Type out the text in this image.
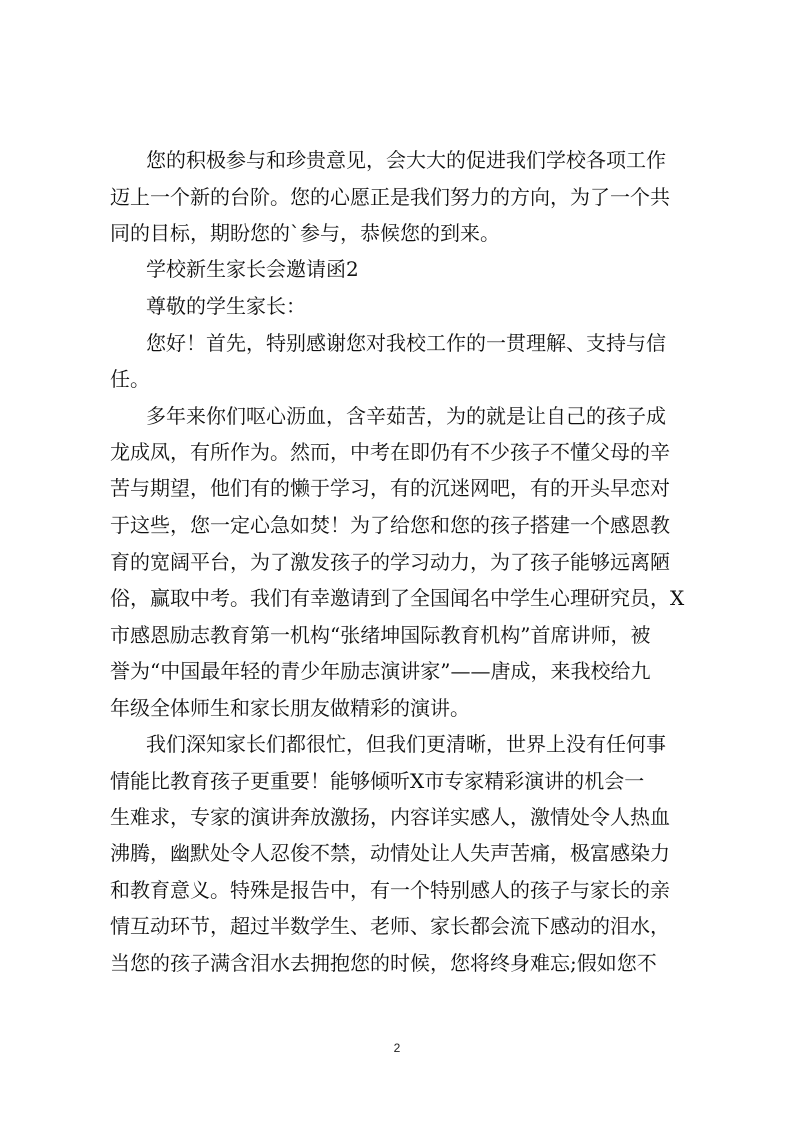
您的积极参与和珍贵意见，会大大的促进我们学校各项工作
迈上一个新的台阶。您的心愿正是我们努力的方向，为了一个共
同的目标，期盼您的`参与，恭候您的到来。
学校新生家长会邀请函2
尊敬的学生家长：
您好！首先，特别感谢您对我校工作的一贯理解、支持与信
任。
多年来你们呕心沥血，含辛茹苦，为的就是让自己的孩子成
龙成凤，有所作为。然而，中考在即仍有不少孩子不懂父母的辛
苦与期望，他们有的懒于学习，有的沉迷网吧，有的开头早恋对
于这些，您一定心急如焚！为了给您和您的孩子搭建一个感恩教
育的宽阔平台，为了激发孩子的学习动力，为了孩子能够远离陋
俗，赢取中考。我们有幸邀请到了全国闻名中学生心理研究员，X
市感恩励志教育第一机构“张绪坤国际教育机构”首席讲师，被
誉为“中国最年轻的青少年励志演讲家”——唐成，来我校给九
年级全体师生和家长朋友做精彩的演讲。
我们深知家长们都很忙，但我们更清晰，世界上没有任何事
情能比教育孩子更重要！能够倾听X市专家精彩演讲的机会一
生难求，专家的演讲奔放激扬，内容详实感人，激情处令人热血
沸腾，幽默处令人忍俊不禁，动情处让人失声苦痛，极富感染力
和教育意义。特殊是报告中，有一个特别感人的孩子与家长的亲
情互动环节，超过半数学生、老师、家长都会流下感动的泪水，
当您的孩子满含泪水去拥抱您的时候，您将终身难忘;假如您不
2
